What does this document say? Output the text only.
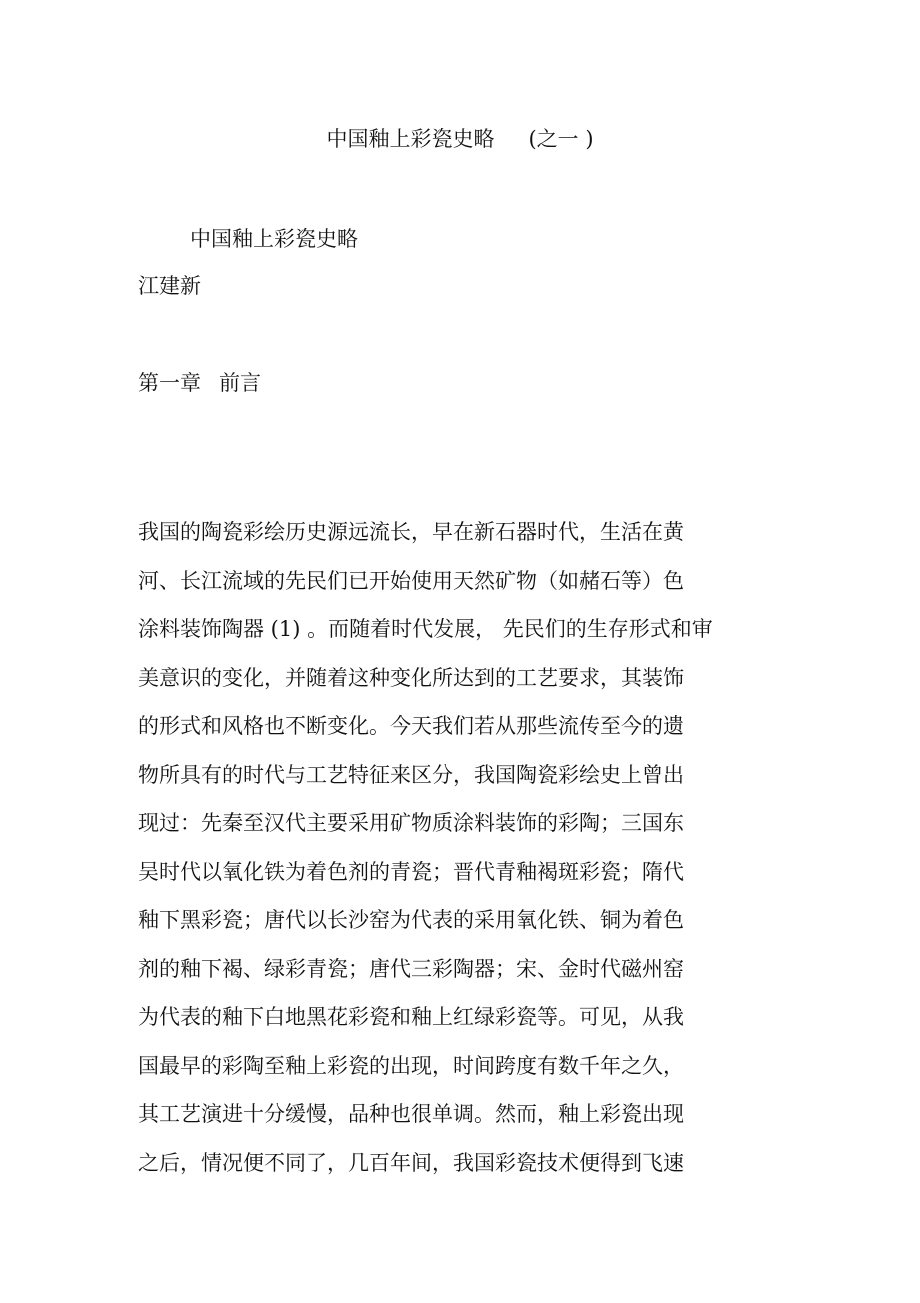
中国釉上彩瓷史略 (之一 )
中国釉上彩瓷史略
江建新
第一章 前言
我国的陶瓷彩绘历史源远流长，早在新石器时代，生活在黄
河、长江流域的先民们已开始使用天然矿物（如赭石等）色
涂料装饰陶器 (1) 。而随着时代发展， 先民们的生存形式和审
美意识的变化，并随着这种变化所达到的工艺要求，其装饰
的形式和风格也不断变化。今天我们若从那些流传至今的遗
物所具有的时代与工艺特征来区分，我国陶瓷彩绘史上曾出
现过：先秦至汉代主要采用矿物质涂料装饰的彩陶；三国东
吴时代以氧化铁为着色剂的青瓷；晋代青釉褐斑彩瓷；隋代
釉下黑彩瓷；唐代以长沙窑为代表的采用氧化铁、铜为着色
剂的釉下褐、绿彩青瓷；唐代三彩陶器；宋、金时代磁州窑
为代表的釉下白地黑花彩瓷和釉上红绿彩瓷等。可见，从我
国最早的彩陶至釉上彩瓷的出现，时间跨度有数千年之久，
其工艺演进十分缓慢，品种也很单调。然而，釉上彩瓷出现
之后，情况便不同了，几百年间，我国彩瓷技术便得到飞速
